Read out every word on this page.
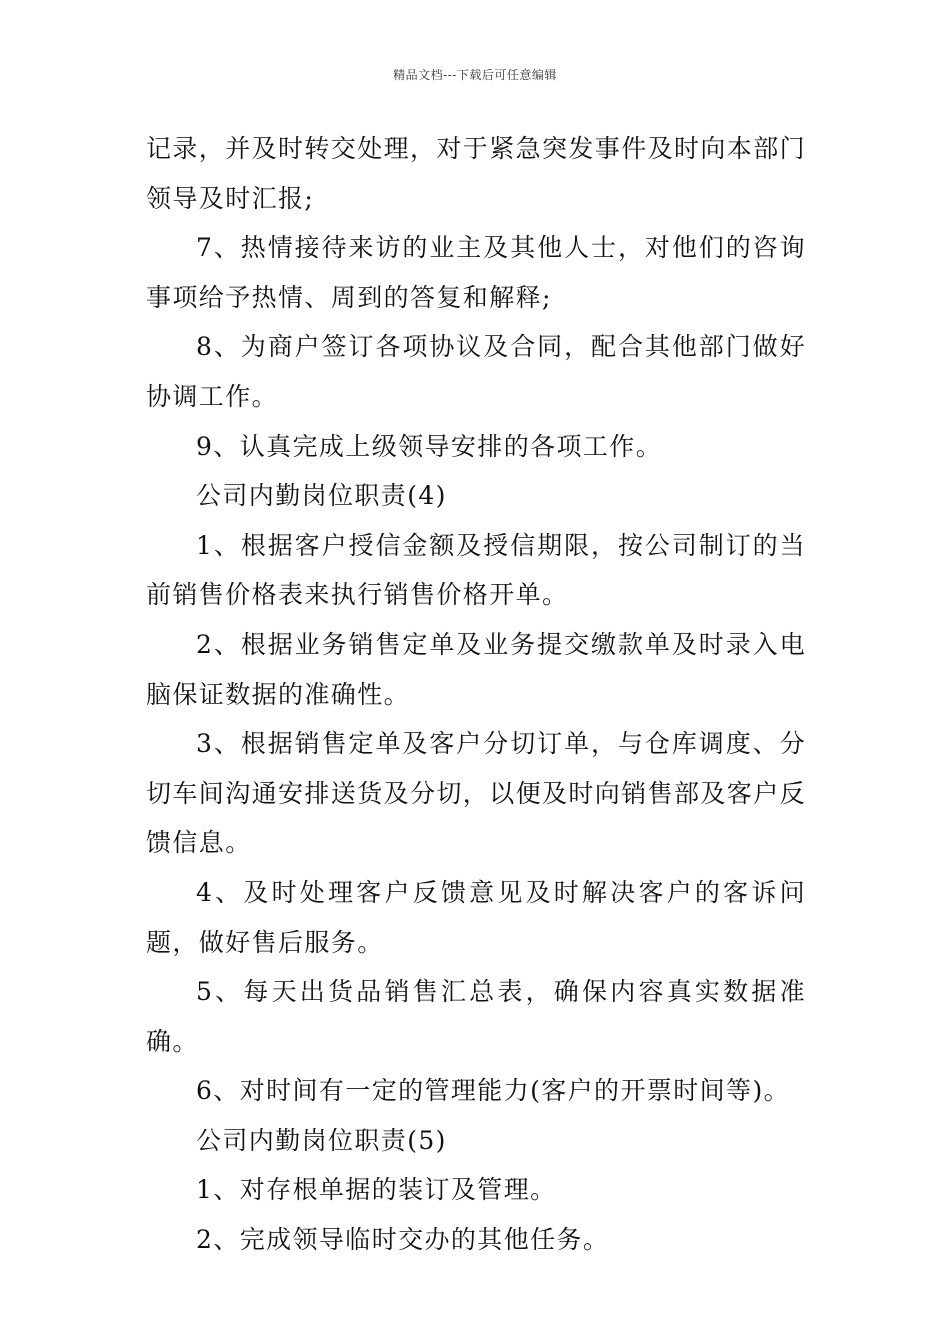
精品文档---下载后可任意编辑

记录，并及时转交处理，对于紧急突发事件及时向本部门领导及时汇报;

7、热情接待来访的业主及其他人士，对他们的咨询事项给予热情、周到的答复和解释;

8、为商户签订各项协议及合同，配合其他部门做好协调工作。

9、认真完成上级领导安排的各项工作。

公司内勤岗位职责(4)

1、根据客户授信金额及授信期限，按公司制订的当前销售价格表来执行销售价格开单。

2、根据业务销售定单及业务提交缴款单及时录入电脑保证数据的准确性。

3、根据销售定单及客户分切订单，与仓库调度、分切车间沟通安排送货及分切，以便及时向销售部及客户反馈信息。

4、及时处理客户反馈意见及时解决客户的客诉问题，做好售后服务。

5、每天出货品销售汇总表，确保内容真实数据准确。

6、对时间有一定的管理能力(客户的开票时间等)。

公司内勤岗位职责(5)

1、对存根单据的装订及管理。

2、完成领导临时交办的其他任务。
